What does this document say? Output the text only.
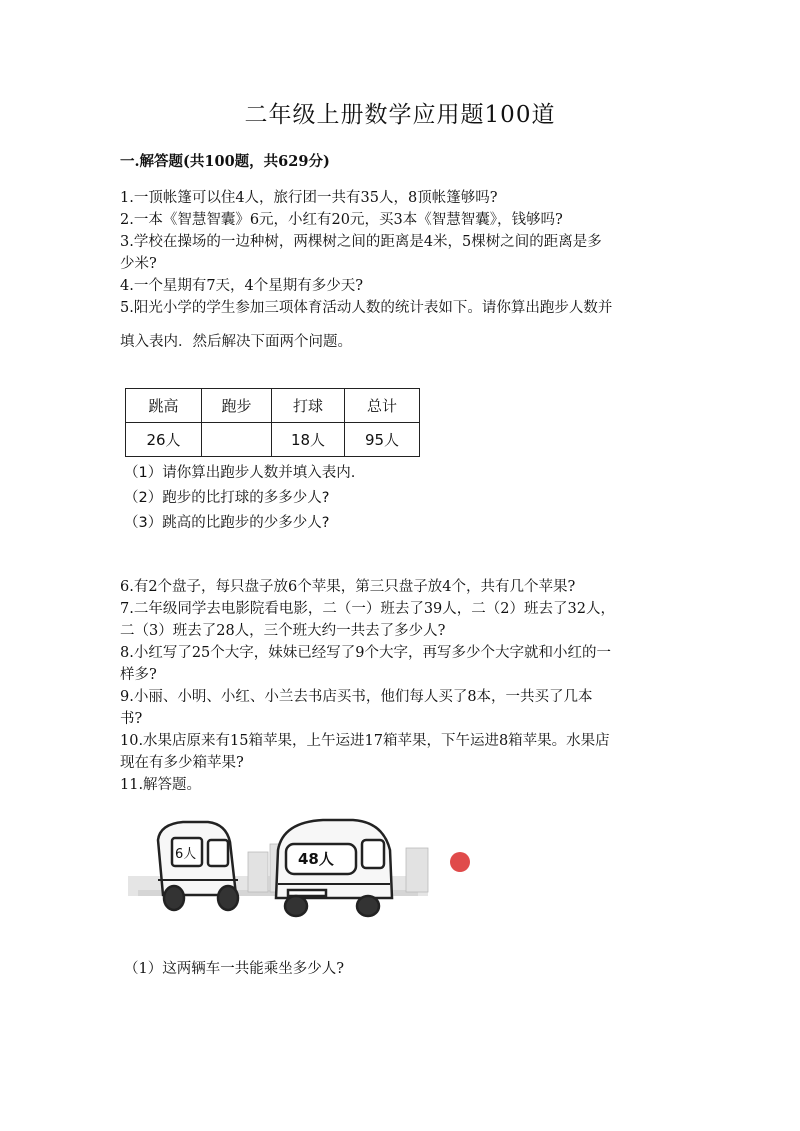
二年级上册数学应用题100道
一.解答题(共100题，共629分)
1.一顶帐篷可以住4人，旅行团一共有35人，8顶帐篷够吗?
2.一本《智慧智囊》6元，小红有20元，买3本《智慧智囊》，钱够吗?
3.学校在操场的一边种树，两棵树之间的距离是4米，5棵树之间的距离是多
少米?
4.一个星期有7天，4个星期有多少天?
5.阳光小学的学生参加三项体育活动人数的统计表如下。请你算出跑步人数并
填入表内．然后解决下面两个问题。
跳高	跑步	打球	总计
26人		18人	95人
（1）请你算出跑步人数并填入表内.
（2）跑步的比打球的多多少人?
（3）跳高的比跑步的少多少人?
6.有2个盘子，每只盘子放6个苹果，第三只盘子放4个，共有几个苹果?
7.二年级同学去电影院看电影，二（一）班去了39人，二（2）班去了32人，
二（3）班去了28人，三个班大约一共去了多少人?
8.小红写了25个大字，妹妹已经写了9个大字，再写多少个大字就和小红的一
样多?
9.小丽、小明、小红、小兰去书店买书，他们每人买了8本，一共买了几本
书?
10.水果店原来有15箱苹果，上午运进17箱苹果，下午运进8箱苹果。水果店
现在有多少箱苹果?
11.解答题。
6人	48人
（1）这两辆车一共能乘坐多少人?
